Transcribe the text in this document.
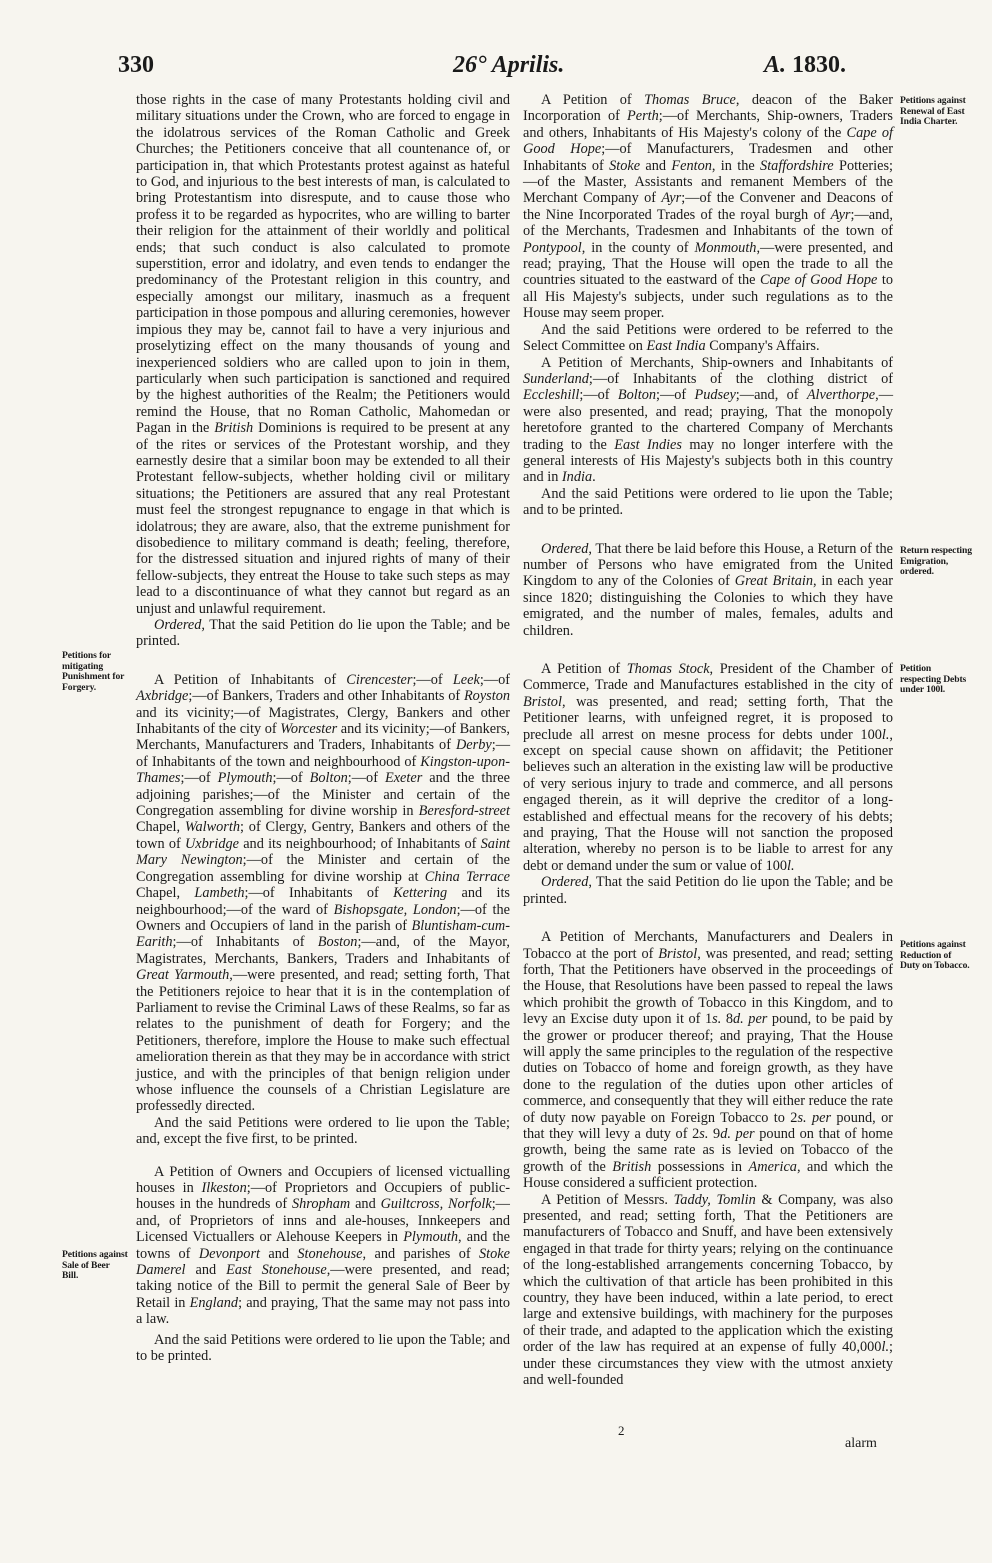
330	26° Aprilis.	A. 1830.
Petitions for mitigating Punishment for Forgery.
Petitions against Sale of Beer Bill.
Petitions against Renewal of East India Charter.
Return respecting Emigration, ordered.
Petition respecting Debts under 100l.
Petitions against Reduction of Duty on Tobacco.

those rights in the case of many Protestants holding civil and military situations under the Crown, who are forced to engage in the idolatrous services of the Roman Catholic and Greek Churches; the Petitioners conceive that all countenance of, or participation in, that which Protestants protest against as hateful to God, and injurious to the best interests of man, is calculated to bring Protestantism into disrespute, and to cause those who profess it to be regarded as hypocrites, who are willing to barter their religion for the attainment of their worldly and political ends; that such conduct is also calculated to promote superstition, error and idolatry, and even tends to endanger the predominancy of the Protestant religion in this country, and especially amongst our military, inasmuch as a frequent participation in those pompous and alluring ceremonies, however impious they may be, cannot fail to have a very injurious and proselytizing effect on the many thousands of young and inexperienced soldiers who are called upon to join in them, particularly when such participation is sanctioned and required by the highest authorities of the Realm; the Petitioners would remind the House, that no Roman Catholic, Mahomedan or Pagan in the British Dominions is required to be present at any of the rites or services of the Protestant worship, and they earnestly desire that a similar boon may be extended to all their Protestant fellow-subjects, whether holding civil or military situations; the Petitioners are assured that any real Protestant must feel the strongest repugnance to engage in that which is idolatrous; they are aware, also, that the extreme punishment for disobedience to military command is death; feeling, therefore, for the distressed situation and injured rights of many of their fellow-subjects, they entreat the House to take such steps as may lead to a discontinuance of what they cannot but regard as an unjust and unlawful requirement.

Ordered, That the said Petition do lie upon the Table; and be printed.

A Petition of Inhabitants of Cirencester;—of Leek;—of Axbridge;—of Bankers, Traders and other Inhabitants of Royston and its vicinity;—of Magistrates, Clergy, Bankers and other Inhabitants of the city of Worcester and its vicinity;—of Bankers, Merchants, Manufacturers and Traders, Inhabitants of Derby;—of Inhabitants of the town and neighbourhood of Kingston-upon-Thames;—of Plymouth;—of Bolton;—of Exeter and the three adjoining parishes;—of the Minister and certain of the Congregation assembling for divine worship in Beresford-street Chapel, Walworth; of Clergy, Gentry, Bankers and others of the town of Uxbridge and its neighbourhood; of Inhabitants of Saint Mary Newington;—of the Minister and certain of the Congregation assembling for divine worship at China Terrace Chapel, Lambeth;—of Inhabitants of Kettering and its neighbourhood;—of the ward of Bishopsgate, London;—of the Owners and Occupiers of land in the parish of Bluntisham-cum-Earith;—of Inhabitants of Boston;—and, of the Mayor, Magistrates, Merchants, Bankers, Traders and Inhabitants of Great Yarmouth,—were presented, and read; setting forth, That the Petitioners rejoice to hear that it is in the contemplation of Parliament to revise the Criminal Laws of these Realms, so far as relates to the punishment of death for Forgery; and the Petitioners, therefore, implore the House to make such effectual amelioration therein as that they may be in accordance with strict justice, and with the principles of that benign religion under whose influence the counsels of a Christian Legislature are professedly directed.

And the said Petitions were ordered to lie upon the Table; and, except the five first, to be printed.

A Petition of Owners and Occupiers of licensed victualling houses in Ilkeston;—of Proprietors and Occupiers of public-houses in the hundreds of Shropham and Guiltcross, Norfolk;—and, of Proprietors of inns and ale-houses, Innkeepers and Licensed Victuallers or Alehouse Keepers in Plymouth, and the towns of Devonport and Stonehouse, and parishes of Stoke Damerel and East Stonehouse,—were presented, and read; taking notice of the Bill to permit the general Sale of Beer by Retail in England; and praying, That the same may not pass into a law.

And the said Petitions were ordered to lie upon the Table; and to be printed.

A Petition of Thomas Bruce, deacon of the Baker Incorporation of Perth;—of Merchants, Ship-owners, Traders and others, Inhabitants of His Majesty's colony of the Cape of Good Hope;—of Manufacturers, Tradesmen and other Inhabitants of Stoke and Fenton, in the Staffordshire Potteries;—of the Master, Assistants and remanent Members of the Merchant Company of Ayr;—of the Convener and Deacons of the Nine Incorporated Trades of the royal burgh of Ayr;—and, of the Merchants, Tradesmen and Inhabitants of the town of Pontypool, in the county of Monmouth,—were presented, and read; praying, That the House will open the trade to all the countries situated to the eastward of the Cape of Good Hope to all His Majesty's subjects, under such regulations as to the House may seem proper.

And the said Petitions were ordered to be referred to the Select Committee on East India Company's Affairs.

A Petition of Merchants, Ship-owners and Inhabitants of Sunderland;—of Inhabitants of the clothing district of Eccleshill;—of Bolton;—of Pudsey;—and, of Alverthorpe,—were also presented, and read; praying, That the monopoly heretofore granted to the chartered Company of Merchants trading to the East Indies may no longer interfere with the general interests of His Majesty's subjects both in this country and in India.

And the said Petitions were ordered to lie upon the Table; and to be printed.

Ordered, That there be laid before this House, a Return of the number of Persons who have emigrated from the United Kingdom to any of the Colonies of Great Britain, in each year since 1820; distinguishing the Colonies to which they have emigrated, and the number of males, females, adults and children.

A Petition of Thomas Stock, President of the Chamber of Commerce, Trade and Manufactures established in the city of Bristol, was presented, and read; setting forth, That the Petitioner learns, with unfeigned regret, it is proposed to preclude all arrest on mesne process for debts under 100l., except on special cause shown on affidavit; the Petitioner believes such an alteration in the existing law will be productive of very serious injury to trade and commerce, and all persons engaged therein, as it will deprive the creditor of a long-established and effectual means for the recovery of his debts; and praying, That the House will not sanction the proposed alteration, whereby no person is to be liable to arrest for any debt or demand under the sum or value of 100l.

Ordered, That the said Petition do lie upon the Table; and be printed.

A Petition of Merchants, Manufacturers and Dealers in Tobacco at the port of Bristol, was presented, and read; setting forth, That the Petitioners have observed in the proceedings of the House, that Resolutions have been passed to repeal the laws which prohibit the growth of Tobacco in this Kingdom, and to levy an Excise duty upon it of 1s. 8d. per pound, to be paid by the grower or producer thereof; and praying, That the House will apply the same principles to the regulation of the respective duties on Tobacco of home and foreign growth, as they have done to the regulation of the duties upon other articles of commerce, and consequently that they will either reduce the rate of duty now payable on Foreign Tobacco to 2s. per pound, or that they will levy a duty of 2s. 9d. per pound on that of home growth, being the same rate as is levied on Tobacco of the growth of the British possessions in America, and which the House considered a sufficient protection.

A Petition of Messrs. Taddy, Tomlin & Company, was also presented, and read; setting forth, That the Petitioners are manufacturers of Tobacco and Snuff, and have been extensively engaged in that trade for thirty years; relying on the continuance of the long-established arrangements concerning Tobacco, by which the cultivation of that article has been prohibited in this country, they have been induced, within a late period, to erect large and extensive buildings, with machinery for the purposes of their trade, and adapted to the application which the existing order of the law has required at an expense of fully 40,000l.; under these circumstances they view with the utmost anxiety and well-founded

2
alarm
